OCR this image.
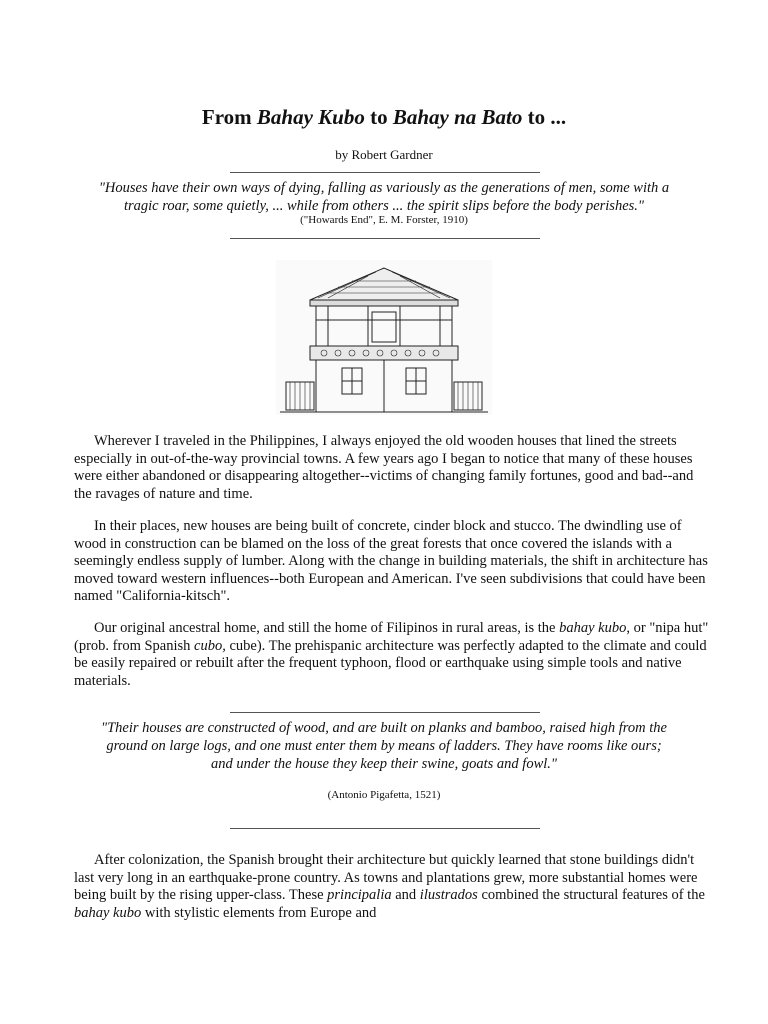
From Bahay Kubo to Bahay na Bato to ...
by Robert Gardner
"Houses have their own ways of dying, falling as variously as the generations of men, some with a
tragic roar, some quietly, ... while from others ... the spirit slips before the body perishes."
("Howards End", E. M. Forster, 1910)

Wherever I traveled in the Philippines, I always enjoyed the old wooden houses that lined the streets especially in out-of-the-way provincial towns. A few years ago I began to notice that many of these houses were either abandoned or disappearing altogether--victims of changing family fortunes, good and bad--and the ravages of nature and time.

In their places, new houses are being built of concrete, cinder block and stucco. The dwindling use of wood in construction can be blamed on the loss of the great forests that once covered the islands with a seemingly endless supply of lumber. Along with the change in building materials, the shift in architecture has moved toward western influences--both European and American. I've seen subdivisions that could have been named "California-kitsch".

Our original ancestral home, and still the home of Filipinos in rural areas, is the bahay kubo, or "nipa hut" (prob. from Spanish cubo, cube). The prehispanic architecture was perfectly adapted to the climate and could be easily repaired or rebuilt after the frequent typhoon, flood or earthquake using simple tools and native materials.

"Their houses are constructed of wood, and are built on planks and bamboo, raised high from the
ground on large logs, and one must enter them by means of ladders. They have rooms like ours;
and under the house they keep their swine, goats and fowl."
(Antonio Pigafetta, 1521)

After colonization, the Spanish brought their architecture but quickly learned that stone buildings didn't last very long in an earthquake-prone country. As towns and plantations grew, more substantial homes were being built by the rising upper-class. These principalia and ilustrados combined the structural features of the bahay kubo with stylistic elements from Europe and
